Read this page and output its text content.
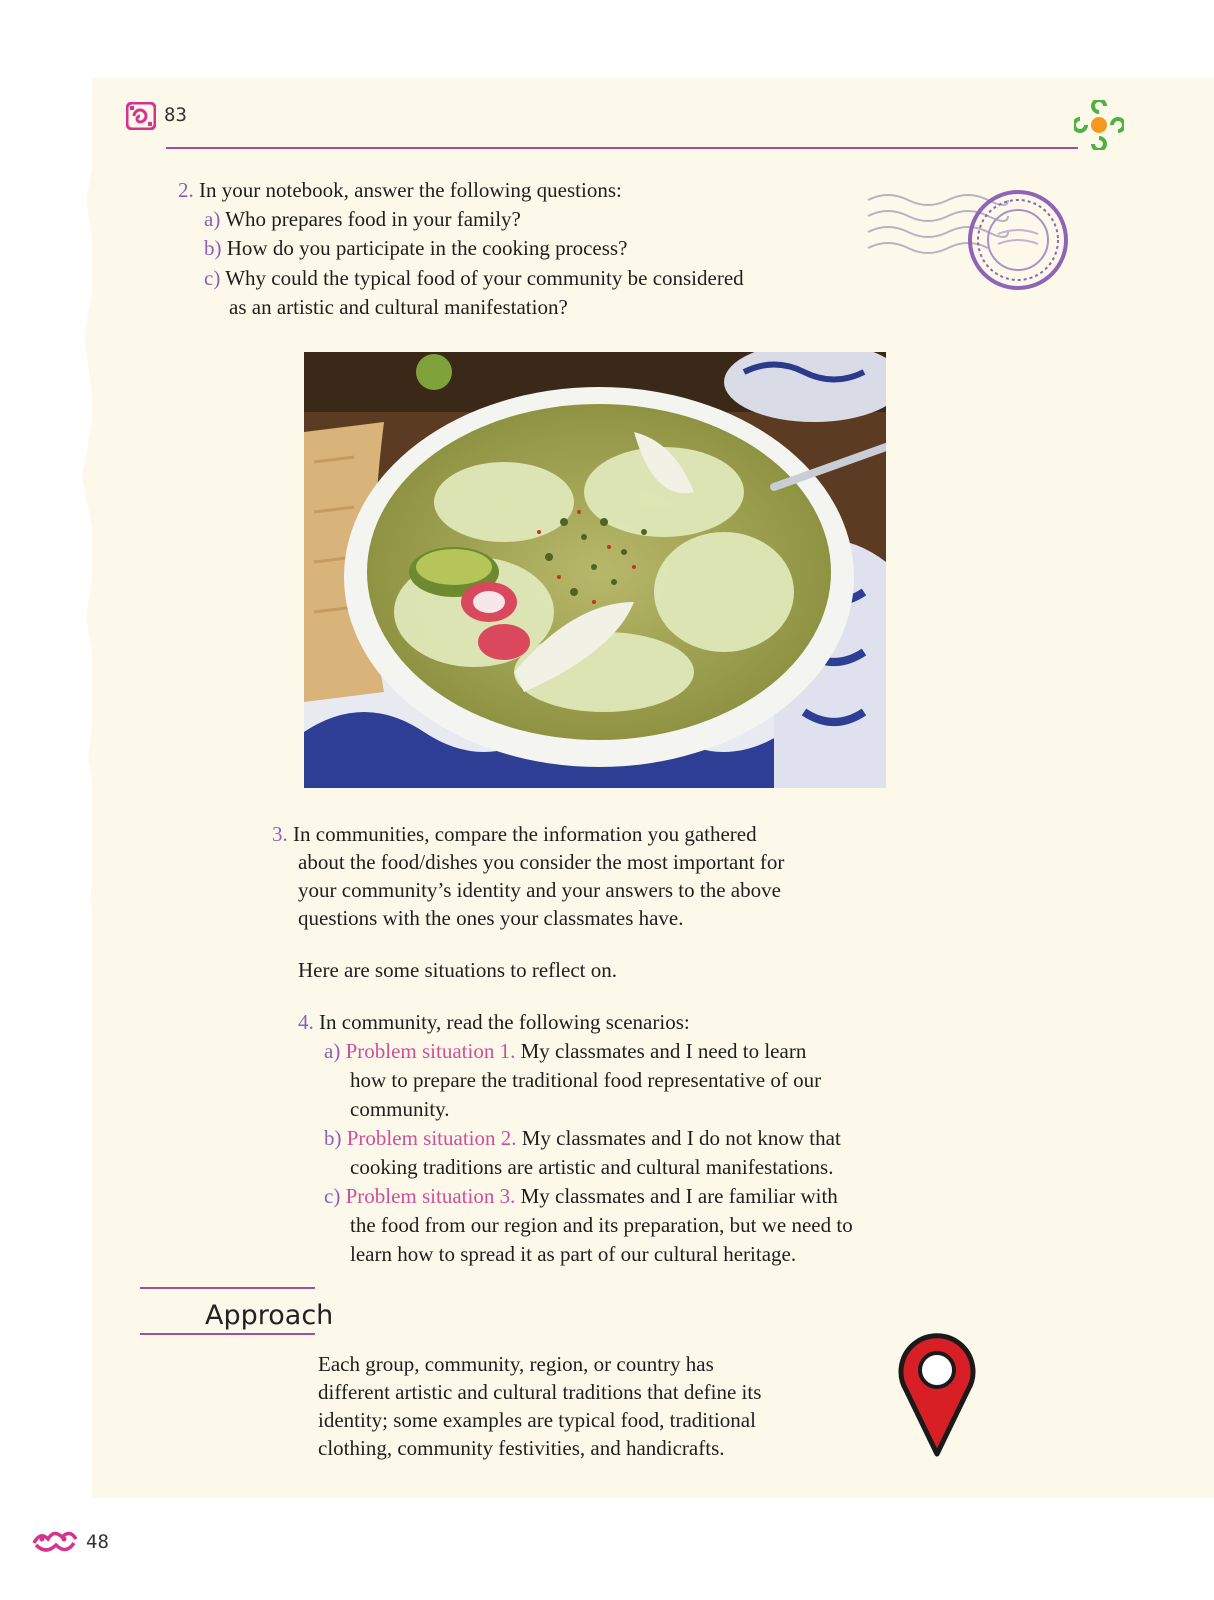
83
2. In your notebook, answer the following questions:
a) Who prepares food in your family?
b) How do you participate in the cooking process?
c) Why could the typical food of your community be considered
as an artistic and cultural manifestation?
3. In communities, compare the information you gathered
about the food/dishes you consider the most important for
your community’s identity and your answers to the above
questions with the ones your classmates have.
Here are some situations to reflect on.
4. In community, read the following scenarios:
a) Problem situation 1. My classmates and I need to learn
how to prepare the traditional food representative of our
community.
b) Problem situation 2. My classmates and I do not know that
cooking traditions are artistic and cultural manifestations.
c) Problem situation 3. My classmates and I are familiar with
the food from our region and its preparation, but we need to
learn how to spread it as part of our cultural heritage.
Approach
Each group, community, region, or country has
different artistic and cultural traditions that define its
identity; some examples are typical food, traditional
clothing, community festivities, and handicrafts.
48
